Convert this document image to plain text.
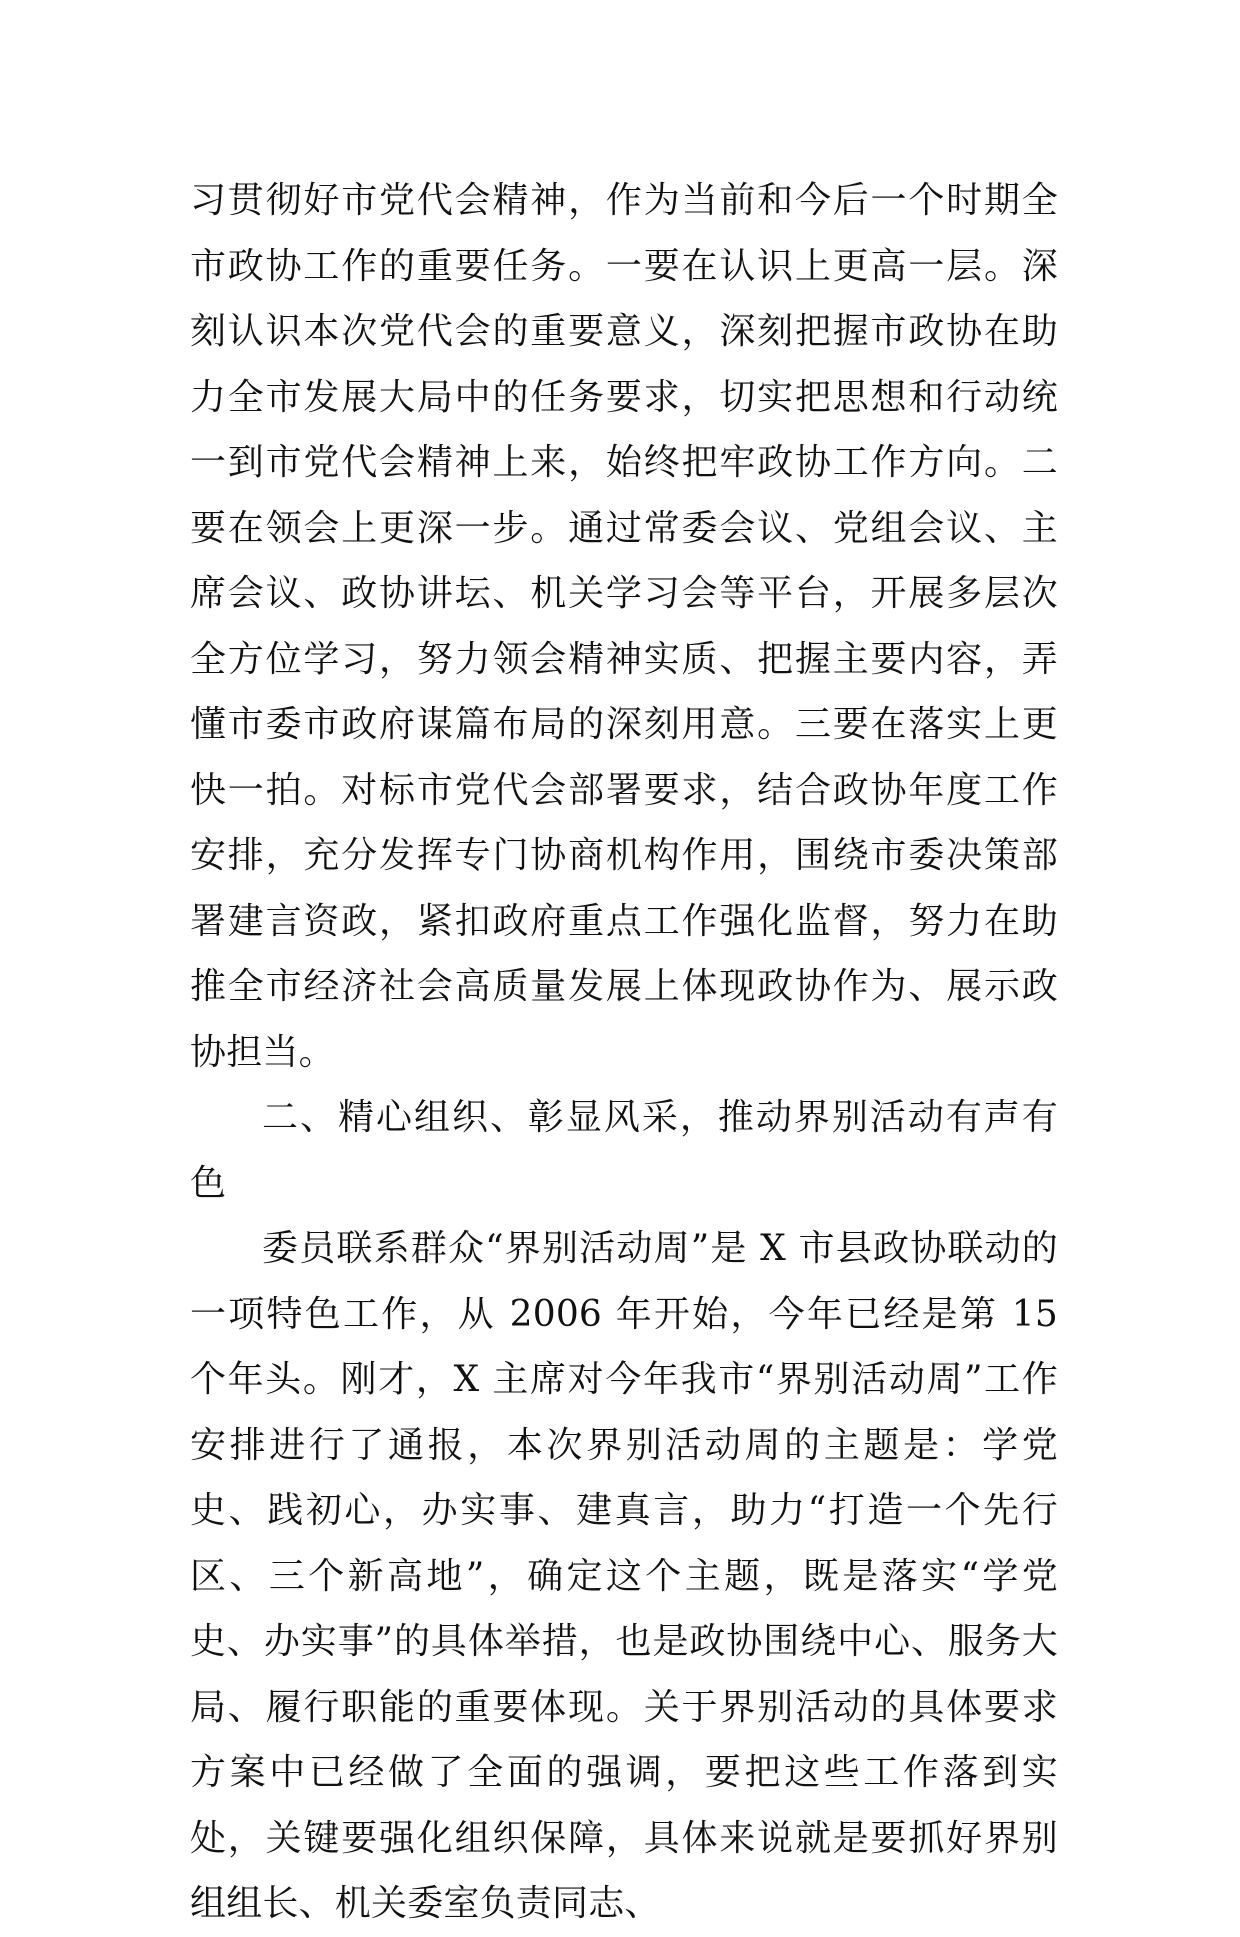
习贯彻好市党代会精神，作为当前和今后一个时期全市政协工作的重要任务。一要在认识上更高一层。深刻认识本次党代会的重要意义，深刻把握市政协在助力全市发展大局中的任务要求，切实把思想和行动统一到市党代会精神上来，始终把牢政协工作方向。二要在领会上更深一步。通过常委会议、党组会议、主席会议、政协讲坛、机关学习会等平台，开展多层次全方位学习，努力领会精神实质、把握主要内容，弄懂市委市政府谋篇布局的深刻用意。三要在落实上更快一拍。对标市党代会部署要求，结合政协年度工作安排，充分发挥专门协商机构作用，围绕市委决策部署建言资政，紧扣政府重点工作强化监督，努力在助推全市经济社会高质量发展上体现政协作为、展示政协担当。

二、精心组织、彰显风采，推动界别活动有声有色

委员联系群众“界别活动周”是 X 市县政协联动的一项特色工作，从 2006 年开始，今年已经是第 15 个年头。刚才，X 主席对今年我市“界别活动周”工作安排进行了通报，本次界别活动周的主题是：学党史、践初心，办实事、建真言，助力“打造一个先行区、三个新高地”，确定这个主题，既是落实“学党史、办实事”的具体举措，也是政协围绕中心、服务大局、履行职能的重要体现。关于界别活动的具体要求方案中已经做了全面的强调，要把这些工作落到实处，关键要强化组织保障，具体来说就是要抓好界别组组长、机关委室负责同志、
